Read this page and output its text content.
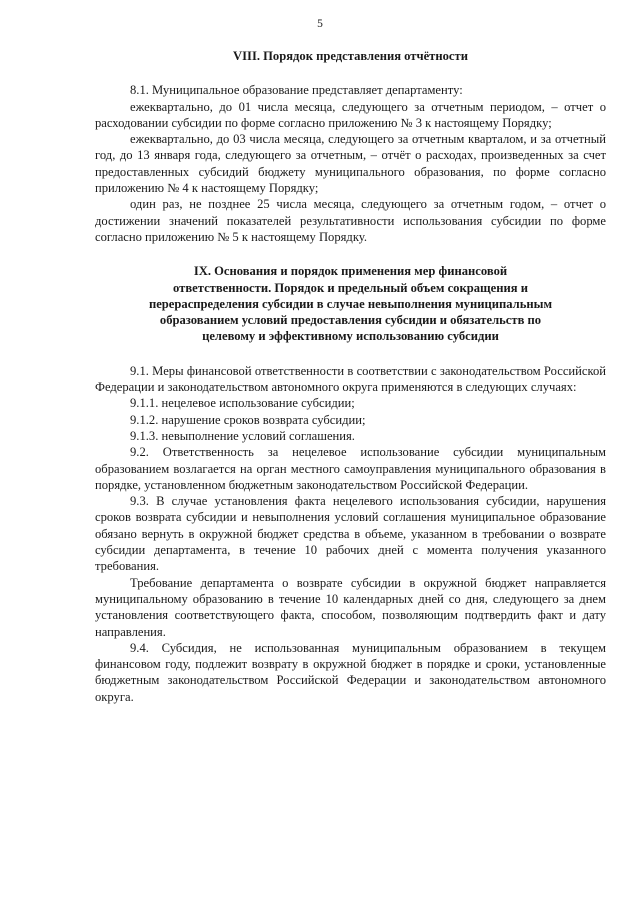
5
VIII. Порядок представления отчётности

8.1. Муниципальное образование представляет департаменту:

ежеквартально, до 01 числа месяца, следующего за отчетным периодом, – отчет о расходовании субсидии по форме согласно приложению № 3 к настоящему Порядку;

ежеквартально, до 03 числа месяца, следующего за отчетным кварталом, и за отчетный год, до 13 января года, следующего за отчетным, – отчёт о расходах, произведенных за счет предоставленных субсидий бюджету муниципального образования, по форме согласно приложению № 4 к настоящему Порядку;

один раз, не позднее 25 числа месяца, следующего за отчетным годом, – отчет о достижении значений показателей результативности использования субсидии по форме согласно приложению № 5 к настоящему Порядку.

IX. Основания и порядок применения мер финансовой
ответственности. Порядок и предельный объем сокращения и
перераспределения субсидии в случае невыполнения муниципальным
образованием условий предоставления субсидии и обязательств по
целевому и эффективному использованию субсидии

9.1. Меры финансовой ответственности в соответствии с законодательством Российской Федерации и законодательством автономного округа применяются в следующих случаях:

9.1.1. нецелевое использование субсидии;

9.1.2. нарушение сроков возврата субсидии;

9.1.3. невыполнение условий соглашения.

9.2. Ответственность за нецелевое использование субсидии муниципальным образованием возлагается на орган местного самоуправления муниципального образования в порядке, установленном бюджетным законодательством Российской Федерации.

9.3. В случае установления факта нецелевого использования субсидии, нарушения сроков возврата субсидии и невыполнения условий соглашения муниципальное образование обязано вернуть в окружной бюджет средства в объеме, указанном в требовании о возврате субсидии департамента, в течение 10 рабочих дней с момента получения указанного требования.

Требование департамента о возврате субсидии в окружной бюджет направляется муниципальному образованию в течение 10 календарных дней со дня, следующего за днем установления соответствующего факта, способом, позволяющим подтвердить факт и дату направления.

9.4. Субсидия, не использованная муниципальным образованием в текущем финансовом году, подлежит возврату в окружной бюджет в порядке и сроки, установленные бюджетным законодательством Российской Федерации и законодательством автономного округа.
